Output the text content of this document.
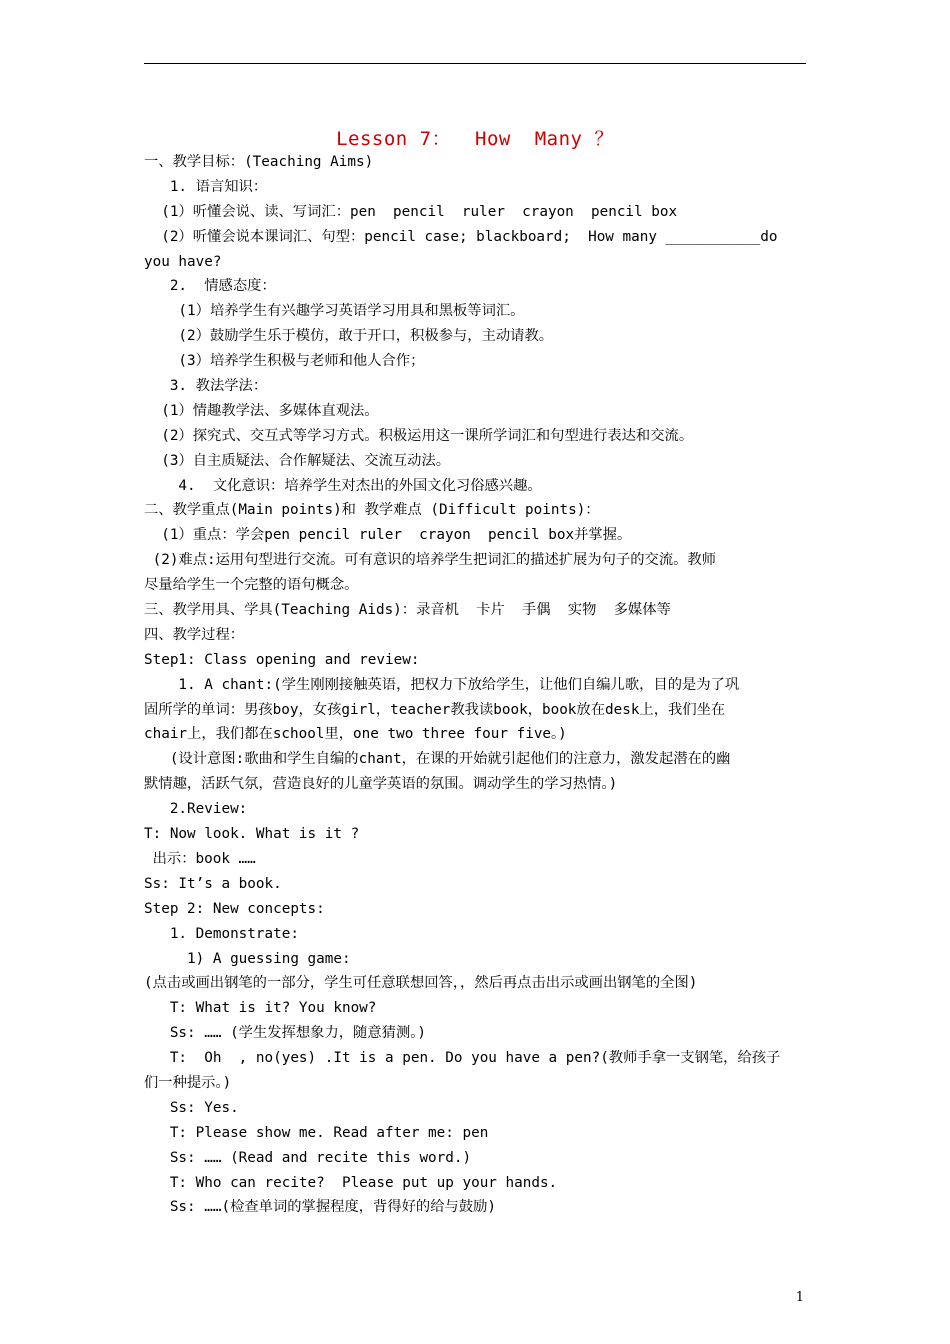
Lesson 7：  How  Many ？
一、教学目标：(Teaching Aims)
1. 语言知识：
(1）听懂会说、读、写词汇：pen  pencil  ruler  crayon  pencil box
(2）听懂会说本课词汇、句型：pencil case; blackboard;  How many ___________do
you have?
2.  情感态度：
(1）培养学生有兴趣学习英语学习用具和黑板等词汇。
(2）鼓励学生乐于模仿，敢于开口，积极参与，主动请教。
(3）培养学生积极与老师和他人合作；
3. 教法学法：
(1）情趣教学法、多媒体直观法。
(2）探究式、交互式等学习方式。积极运用这一课所学词汇和句型进行表达和交流。
(3）自主质疑法、合作解疑法、交流互动法。
4.  文化意识：培养学生对杰出的外国文化习俗感兴趣。
二、教学重点(Main points)和 教学难点 (Difficult points)：
(1）重点：学会pen pencil ruler  crayon  pencil box并掌握。
(2)难点:运用句型进行交流。可有意识的培养学生把词汇的描述扩展为句子的交流。教师
尽量给学生一个完整的语句概念。
三、教学用具、学具(Teaching Aids)：录音机  卡片  手偶  实物  多媒体等
四、教学过程：
Step1: Class opening and review:
1. A chant:(学生刚刚接触英语，把权力下放给学生，让他们自编儿歌，目的是为了巩
固所学的单词：男孩boy，女孩girl，teacher教我读book，book放在desk上，我们坐在
chair上，我们都在school里，one two three four five。)
(设计意图:歌曲和学生自编的chant，在课的开始就引起他们的注意力，激发起潜在的幽
默情趣，活跃气氛，营造良好的儿童学英语的氛围。调动学生的学习热情。)
2.Review:
T: Now look. What is it ?
出示：book ……
Ss: It’s a book.
Step 2: New concepts:
1. Demonstrate:
1) A guessing game:
(点击或画出钢笔的一部分，学生可任意联想回答，，然后再点击出示或画出钢笔的全图)
T: What is it? You know?
Ss: …… (学生发挥想象力，随意猜测。)
T:  Oh  , no(yes) .It is a pen. Do you have a pen?(教师手拿一支钢笔，给孩子
们一种提示。)
Ss: Yes.
T: Please show me. Read after me: pen
Ss: …… (Read and recite this word.)
T: Who can recite?  Please put up your hands.
Ss: ……(检查单词的掌握程度，背得好的给与鼓励)
1
